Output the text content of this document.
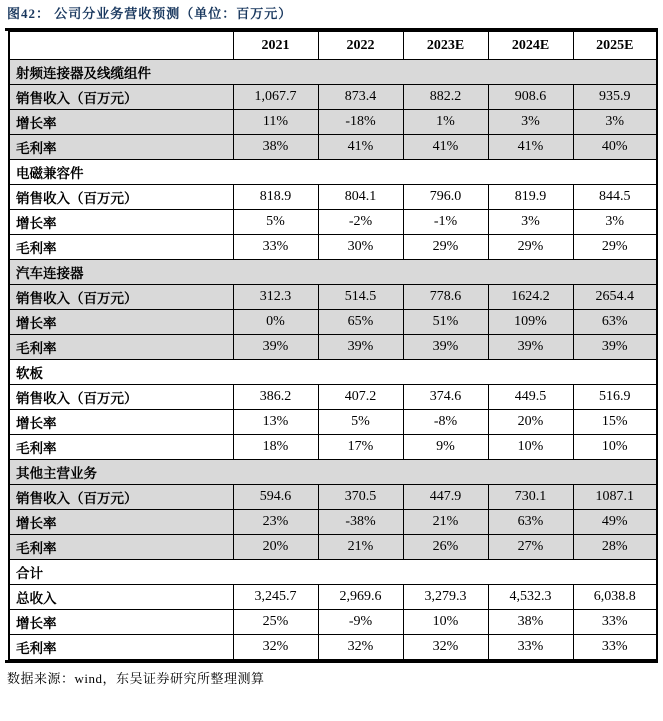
图42： 公司分业务营收预测（单位：百万元）
	2021	2022	2023E	2024E	2025E
射频连接器及线缆组件					
销售收入（百万元）	1,067.7	873.4	882.2	908.6	935.9
增长率	11%	-18%	1%	3%	3%
毛利率	38%	41%	41%	41%	40%
电磁兼容件					
销售收入（百万元）	818.9	804.1	796.0	819.9	844.5
增长率	5%	-2%	-1%	3%	3%
毛利率	33%	30%	29%	29%	29%
汽车连接器					
销售收入（百万元）	312.3	514.5	778.6	1624.2	2654.4
增长率	0%	65%	51%	109%	63%
毛利率	39%	39%	39%	39%	39%
软板					
销售收入（百万元）	386.2	407.2	374.6	449.5	516.9
增长率	13%	5%	-8%	20%	15%
毛利率	18%	17%	9%	10%	10%
其他主营业务					
销售收入（百万元）	594.6	370.5	447.9	730.1	1087.1
增长率	23%	-38%	21%	63%	49%
毛利率	20%	21%	26%	27%	28%
合计					
总收入	3,245.7	2,969.6	3,279.3	4,532.3	6,038.8
增长率	25%	-9%	10%	38%	33%
毛利率	32%	32%	32%	33%	33%
数据来源：wind，东吴证券研究所整理测算
